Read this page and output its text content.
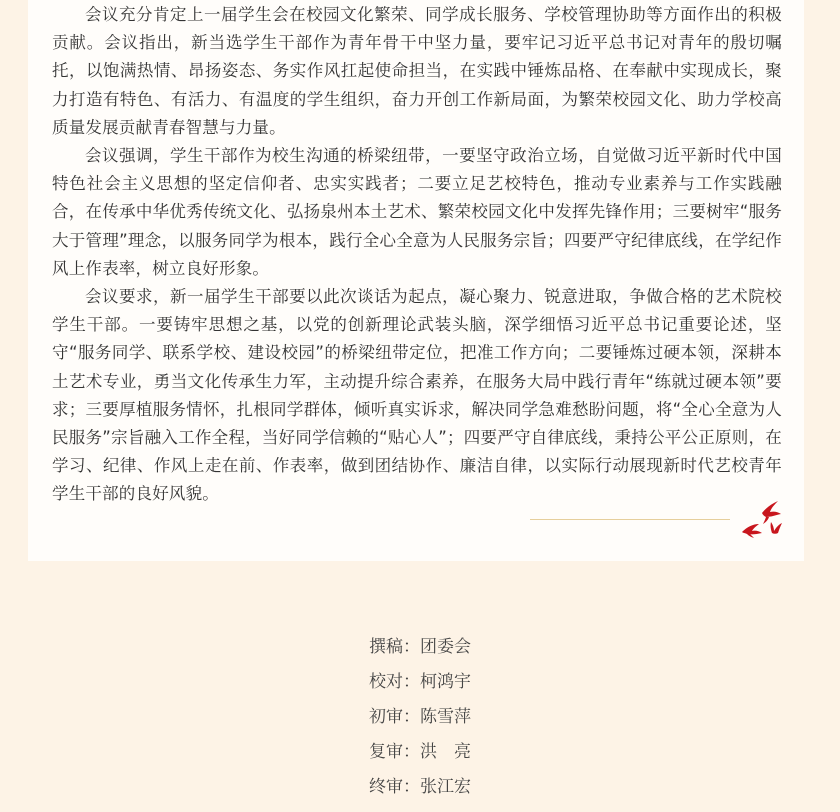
会议充分肯定上一届学生会在校园文化繁荣、同学成长服务、学校管理协助等方面作出的积极贡献。会议指出，新当选学生干部作为青年骨干中坚力量，要牢记习近平总书记对青年的殷切嘱托，以饱满热情、昂扬姿态、务实作风扛起使命担当，在实践中锤炼品格、在奉献中实现成长，聚力打造有特色、有活力、有温度的学生组织，奋力开创工作新局面，为繁荣校园文化、助力学校高质量发展贡献青春智慧与力量。

会议强调，学生干部作为校生沟通的桥梁纽带，一要坚守政治立场，自觉做习近平新时代中国特色社会主义思想的坚定信仰者、忠实实践者；二要立足艺校特色，推动专业素养与工作实践融合，在传承中华优秀传统文化、弘扬泉州本土艺术、繁荣校园文化中发挥先锋作用；三要树牢“服务大于管理”理念，以服务同学为根本，践行全心全意为人民服务宗旨；四要严守纪律底线，在学纪作风上作表率，树立良好形象。

会议要求，新一届学生干部要以此次谈话为起点，凝心聚力、锐意进取，争做合格的艺术院校学生干部。一要铸牢思想之基，以党的创新理论武装头脑，深学细悟习近平总书记重要论述，坚守“服务同学、联系学校、建设校园”的桥梁纽带定位，把准工作方向；二要锤炼过硬本领，深耕本土艺术专业，勇当文化传承生力军，主动提升综合素养，在服务大局中践行青年“练就过硬本领”要求；三要厚植服务情怀，扎根同学群体，倾听真实诉求，解决同学急难愁盼问题，将“全心全意为人民服务”宗旨融入工作全程，当好同学信赖的“贴心人”；四要严守自律底线，秉持公平公正原则，在学习、纪律、作风上走在前、作表率，做到团结协作、廉洁自律，以实际行动展现新时代艺校青年学生干部的良好风貌。

撰稿：团委会
校对：柯鸿宇
初审：陈雪萍
复审：洪　亮
终审：张江宏
